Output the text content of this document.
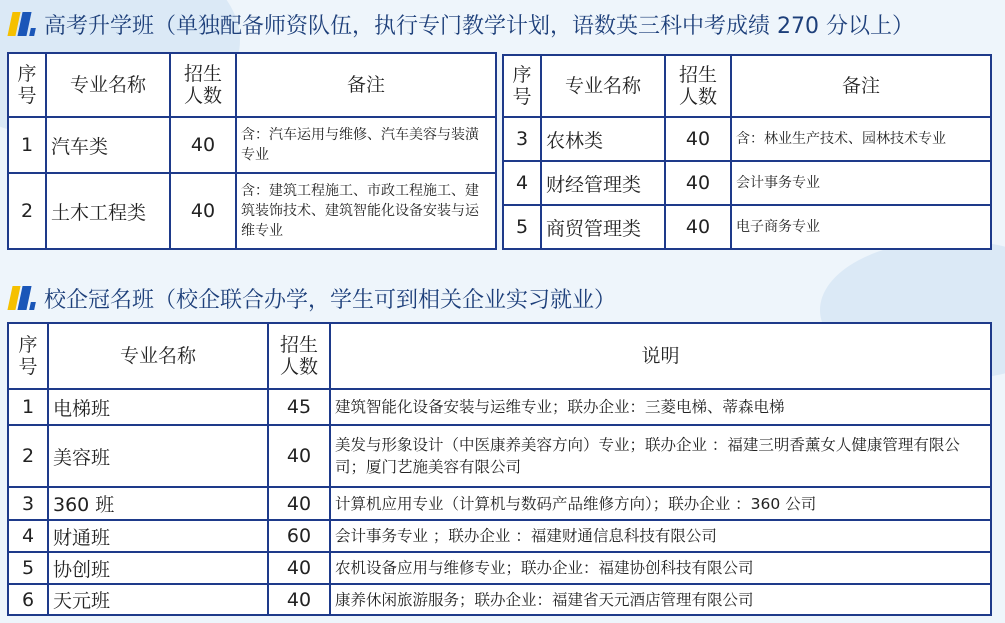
高考升学班（单独配备师资队伍，执行专门教学计划，语数英三科中考成绩 270 分以上）
序号	专业名称	招生人数	备注
1	汽车类	40	含：汽车运用与维修、汽车美容与装潢专业
2	土木工程类	40	含：建筑工程施工、市政工程施工、建筑装饰技术、建筑智能化设备安装与运维专业
序号	专业名称	招生人数	备注
3	农林类	40	含：林业生产技术、园林技术专业
4	财经管理类	40	会计事务专业
5	商贸管理类	40	电子商务专业
校企冠名班（校企联合办学，学生可到相关企业实习就业）
序号	专业名称	招生人数	说明
1	电梯班	45	建筑智能化设备安装与运维专业；联办企业：三菱电梯、蒂森电梯
2	美容班	40	美发与形象设计（中医康养美容方向）专业；联办企业 ：福建三明香薰女人健康管理有限公司；厦门艺施美容有限公司
3	360 班	40	计算机应用专业（计算机与数码产品维修方向）；联办企业 ：360 公司
4	财通班	60	会计事务专业 ；联办企业 ：福建财通信息科技有限公司
5	协创班	40	农机设备应用与维修专业；联办企业：福建协创科技有限公司
6	天元班	40	康养休闲旅游服务；联办企业：福建省天元酒店管理有限公司
